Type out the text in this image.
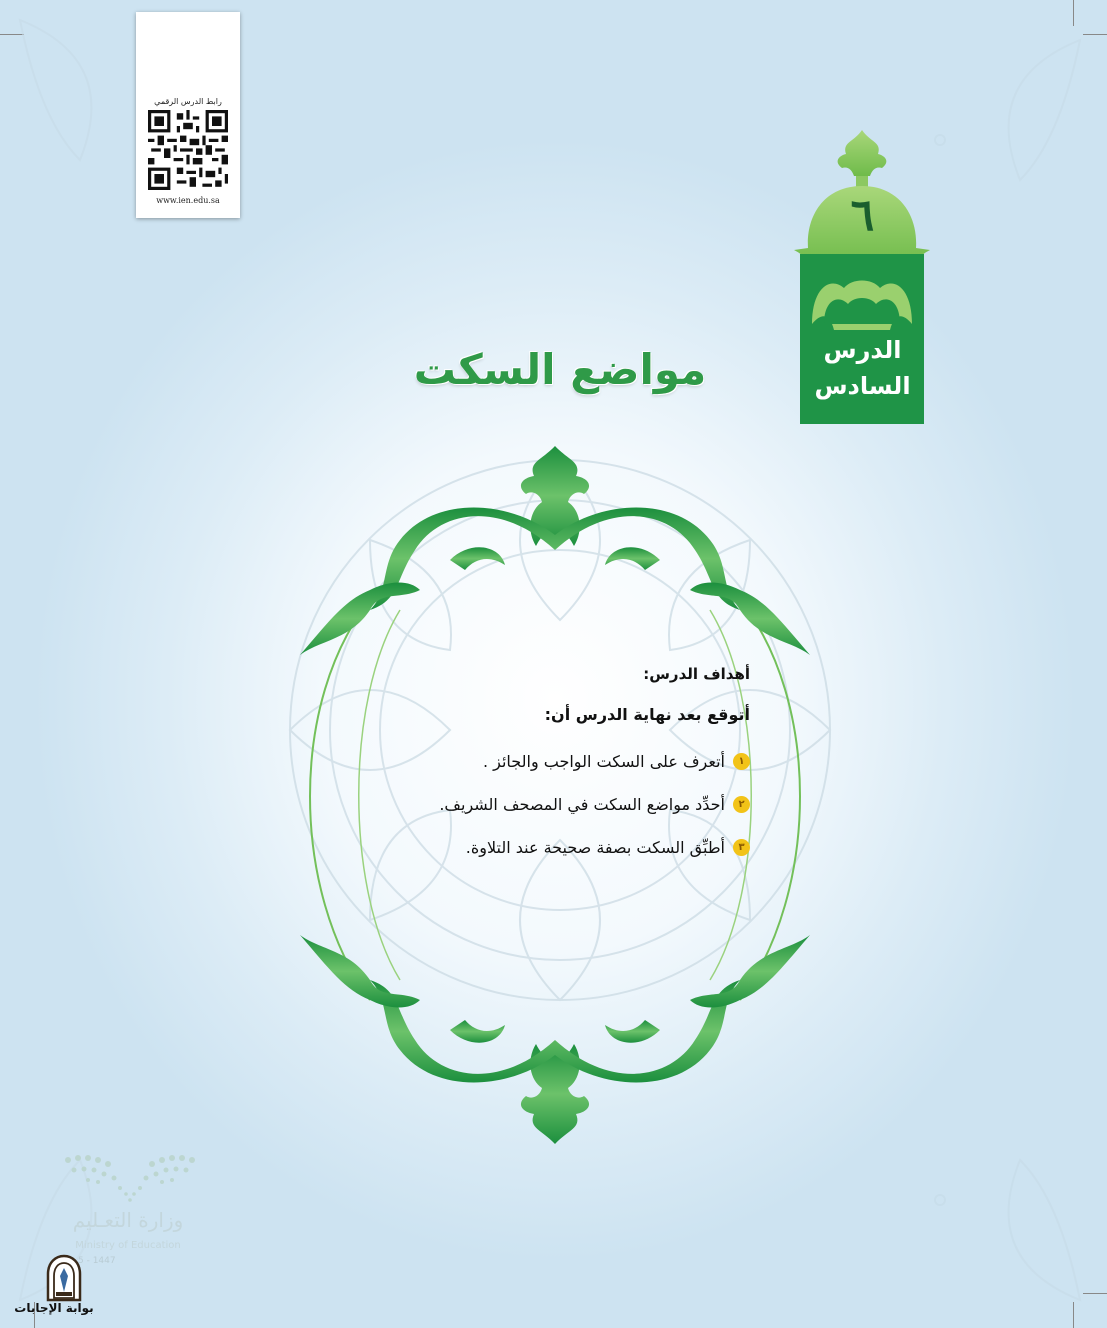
رابط الدرس الرقمي
www.ien.edu.sa	٦
الدرس
السادس
مواضع السكت
أهداف الدرس:
أتوقع بعد نهاية الدرس أن:
١
أتعرف على السكت الواجب والجائز .
٢
أحدِّد مواضع السكت في المصحف الشريف.
٣
أطبِّق السكت بصفة صحيحة عند التلاوة.
وزارة التعـليم
Ministry of Education
5 - 1447
بوابة الإجابات
